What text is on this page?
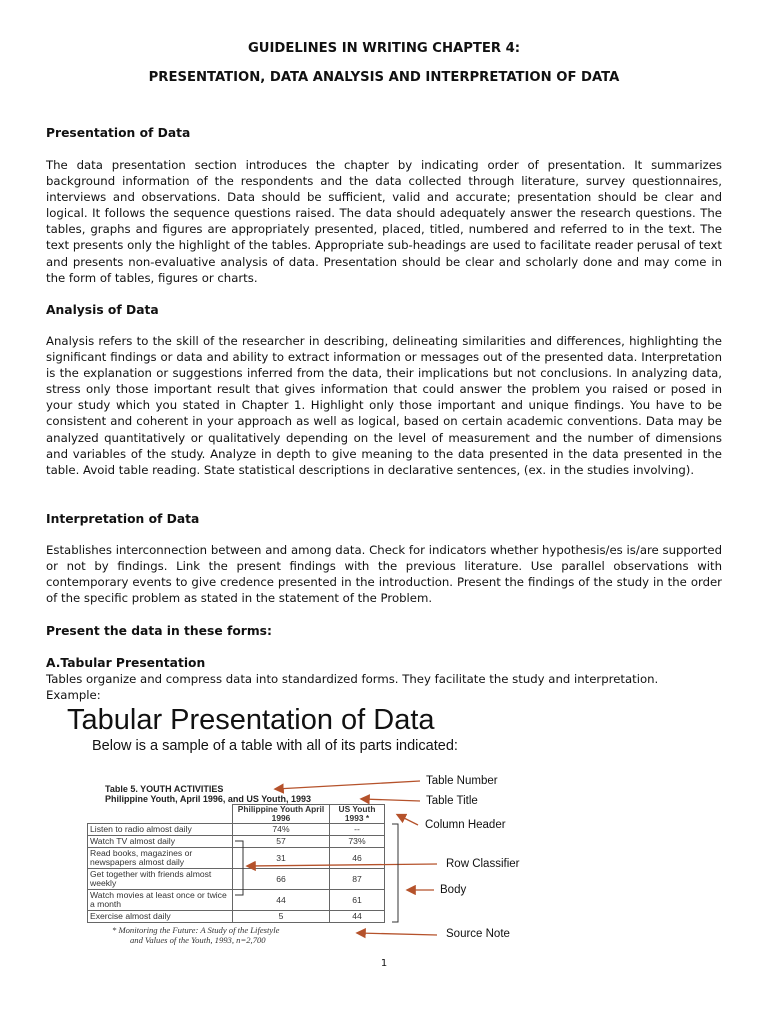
GUIDELINES IN WRITING CHAPTER 4:
PRESENTATION, DATA ANALYSIS AND INTERPRETATION OF DATA
Presentation of Data

The data presentation section introduces the chapter by indicating order of presentation. It summarizes background information of the respondents and the data collected through literature, survey questionnaires, interviews and observations. Data should be sufficient, valid and accurate; presentation should be clear and logical. It follows the sequence questions raised. The data should adequately answer the research questions. The tables, graphs and figures are appropriately presented, placed, titled, numbered and referred to in the text. The text presents only the highlight of the tables. Appropriate sub-headings are used to facilitate reader perusal of text and presents non-evaluative analysis of data. Presentation should be clear and scholarly done and may come in the form of tables, figures or charts.

Analysis of Data

Analysis refers to the skill of the researcher in describing, delineating similarities and differences, highlighting the significant findings or data and ability to extract information or messages out of the presented data. Interpretation is the explanation or suggestions inferred from the data, their implications but not conclusions. In analyzing data, stress only those important result that gives information that could answer the problem you raised or posed in your study which you stated in Chapter 1. Highlight only those important and unique findings. You have to be consistent and coherent in your approach as well as logical, based on certain academic conventions. Data may be analyzed quantitatively or qualitatively depending on the level of measurement and the number of dimensions and variables of the study. Analyze in depth to give meaning to the data presented in the data presented in the table. Avoid table reading. State statistical descriptions in declarative sentences, (ex. in the studies involving).

Interpretation of Data

Establishes interconnection between and among data. Check for indicators whether hypothesis/es is/are supported or not by findings. Link the present findings with the previous literature. Use parallel observations with contemporary events to give credence presented in the introduction. Present the findings of the study in the order of the specific problem as stated in the statement of the Problem.

Present the data in these forms:
A.Tabular Presentation

Tables organize and compress data into standardized forms. They facilitate the study and interpretation.

Example:

Tabular Presentation of Data
Below is a sample of a table with all of its parts indicated:
Table 5. YOUTH ACTIVITIES
Philippine Youth, April 1996, and US Youth, 1993
	Philippine Youth April 1996	US Youth 1993 *
Listen to radio almost daily	74%	--
Watch TV almost daily	57	73%
Read books, magazines or newspapers almost daily	31	46
Get together with friends almost weekly	66	87
Watch movies at least once or twice a month	44	61
Exercise almost daily	5	44
* Monitoring the Future: A Study of the Lifestyle
and Values of the Youth, 1993, n=2,700
Table Number
Table Title
Column Header
Row Classifier
Body
Source Note
1
